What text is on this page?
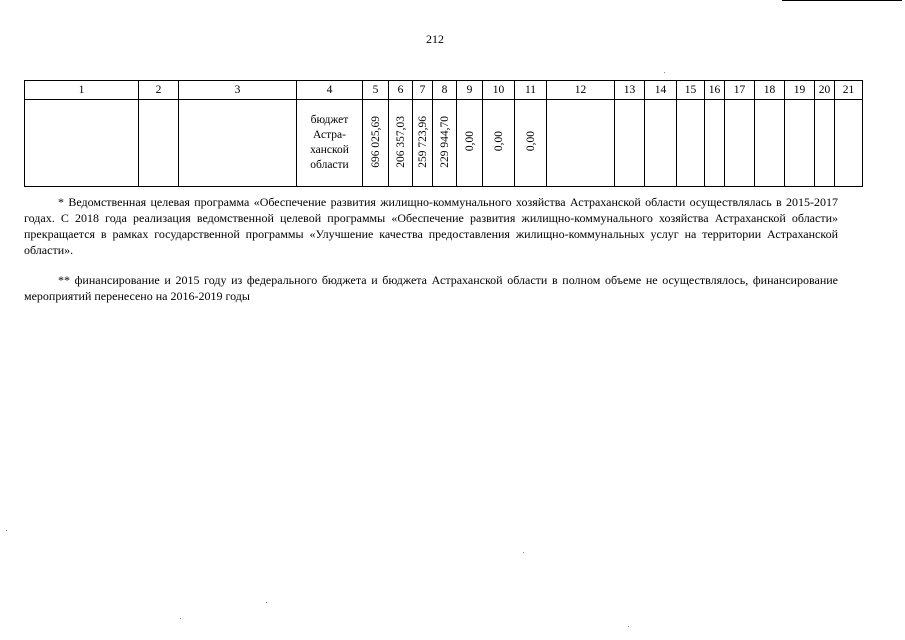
212
1	2	3	4	5	6	7	8	9	10	11	12	13	14	15	16	17	18	19	20	21
			бюджет Астра-ханской области	696 025,69	206 357,03	259 723,96	229 944,70	0,00	0,00	0,00										
* Ведомственная целевая программа «Обеспечение развития жилищно-коммунального хозяйства Астраханской области осуществлялась в 2015-2017 годах. С 2018 года реализация ведомственной целевой программы «Обеспечение развития жилищно-коммунального хозяйства Астраханской области» прекращается в рамках государственной программы «Улучшение качества предоставления жилищно-коммунальных услуг на территории Астраханской области».
** финансирование и 2015 году из федерального бюджета и бюджета Астраханской области в полном объеме не осуществлялось, финансирование мероприятий перенесено на 2016-2019 годы
